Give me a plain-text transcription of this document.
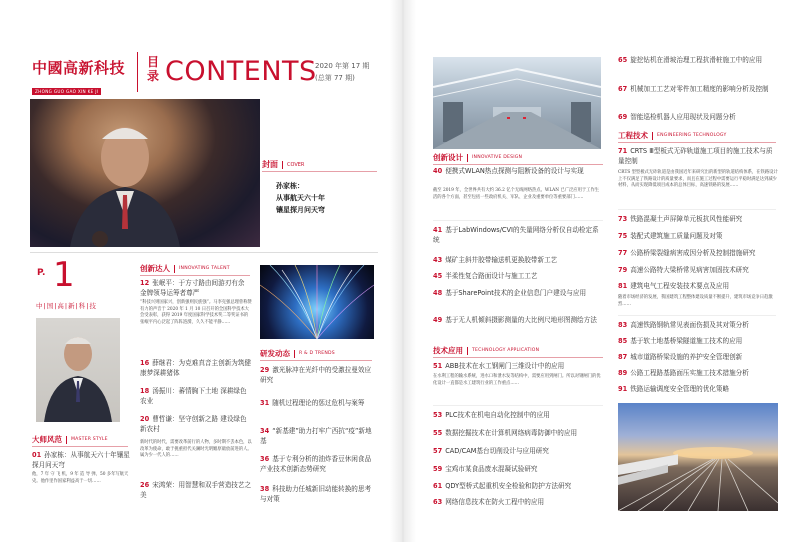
中國高新科技
ZHONG GUO GAO XIN KE JI
目
录 CONTENTS
2020 年第 17 期
(总第 77 期)
封面 COVER
孙家栋：
从事航天六十年
镶星探月问天穹
P. 1
中|国|高|新|科|技
大师风范 MASTER STYLE
01 孙家栋：从事航天六十年镶星探月问天穹
他，7 年 守 飞 机，9 年 造 导 弹，50 多年写航天史。他作里作国家利益高于一切……
创新达人 INNOVATING TALENT
12 张岷平：于方寸路由间游刃有余 金牌领导运筹者尊严
“科技兴则国家兴，创新强则民族强”。马李克强总理曾称赞有力的声音于 2020 年 1 月 10 日召开的全国科学技术大会受表彰，获得 2019 年度国家科学技术奖二等奖证书的张岷平内心泛起了阵阵涟漪，久久不能平静……
16 薛继君：为克难真音主创新为筑健康梦深耕猪体
18 汤振川：蕃情胸下土地 深耕绿色农业
20 曹哲谦：坚守创新之路 建设绿色新农村
新时代的时代，需要改革前行的人物，多时期不丢本色，以改革为使命，敢于挑重担代关澜时光明媚原础放前进的人。属为少一代人的……
26 宋鸿荣：用智慧和双手营造技艺之美
研发动态 R & D TRENDS
29 激光脉冲在光纤中的受激拉曼效应研究
31 随机过程理论的惩过危机与案筹
34 “新基建”助力打牢广西抗“疫”新地基
36 基于专利分析的油炸香豆休闲食品产业技术创新态势研究
38 科技助力任城新旧动能转换的思考与对策
创新设计 INNOVATIVE DESIGN
40 便携式WLAN热点探测与阻断设备的设计与实现
截至 2019 年，全世界共有大约 36.2 亿个无线网络热点。WLAN 已广泛应用于工作生活的各个方面，甚至包括一些政府机关、军队、企业及重要单位等重要部门……
41 基于LabWindows/CVI的失量网络分析仪自动检定系统
43 煤矿主斜井胶带输送机更换胶带新工艺
45 半柔性复合路面设计与施工工艺
48 基于SharePoint技术的企业信息门户建设与应用
49 基于无人机倾斜摄影测量的大比例尺地形图测绘方法
技术应用 TECHNOLOGY APPLICATION
51 ABB技术在水工钢闸门三维设计中的应用
在水利工程的输水系统，进水口和泄水发等结构中，需要应用到闸门。所以对钢闸门的优化设计一直都是水工建筑行业的工作重点……
53 PLC技术在机电自动化控制中的应用
55 数据挖掘技术在计算机网络病毒防御中的应用
57 CAD/CAM基台切削设计与应用研究
59 宝鸡市某食品废水混凝试验研究
61 QDY型桥式起重机安全检验和防护方法研究
63 网络信息技术在防火工程中的应用
65 旋挖钻机在滑坡治理工程抗滑桩施工中的应用
67 机械加工工艺对零件加工精度的影响分析及控制
69 智能巡检机器人应用现状及问题分析
工程技术 ENGINEERING TECHNOLOGY
71 CRTS Ⅲ型板式无砟轨道施工项目的施工技术与质量控制
CRTS 型型板式无砟轨道是由我国近年来研究出的新型的轨道结构体系，在铁路设计上不仅满足了铁路设计的质量要求，而且在施工过程中需要运行平稳时满足达到减少材料，从而实现降低项目成本的总体目标，高速铁路的发展……
73 铁路混凝土声屏障单元板抗风性能研究
75 装配式建筑施工质量问题及对策
77 公路桥梁裂缝病害成因分析及控制措施研究
79 高速公路特大梁桥常见病害加固技术研究
81 建筑电气工程安装技术要点及应用
随着市场经济的发展，我国建筑工程整体建设质量不断提升，建筑市场竞争日趋激烈……
83 高速铁路钢轨常见表面伤损及其对策分析
85 基于软土地基桥梁隧道施工技术的应用
87 城市道路桥梁设施的养护安全管理创新
89 公路工程路基路面压实施工技术措施分析
91 铁路运输调度安全管理的优化策略
